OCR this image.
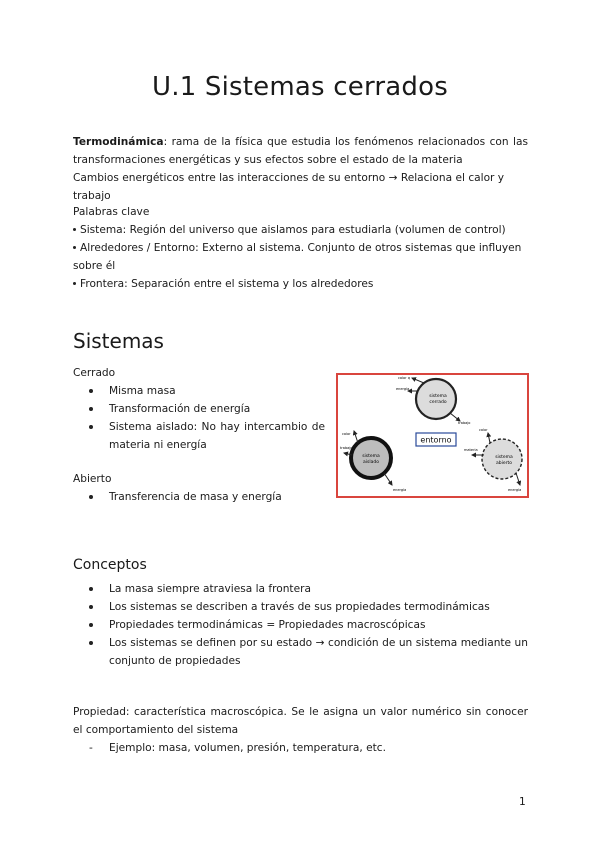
U.1 Sistemas cerrados

Termodinámica: rama de la física que estudia los fenómenos relacionados con las transformaciones energéticas y sus efectos sobre el estado de la materia

Cambios energéticos entre las interacciones de su entorno → Relaciona el calor y trabajo

Palabras clave

Sistema: Región del universo que aislamos para estudiarla (volumen de control)
Alrededores / Entorno: Externo al sistema. Conjunto de otros sistemas que influyen sobre él
Frontera: Separación entre el sistema y los alrededores
Sistemas

Cerrado

Misma masa
Transformación de energía
Sistema aislado: No hay intercambio de materia ni energía

Abierto

Transferencia de masa y energía
sistema
cerrado
calor q
trabajo
energía
sistema
aislado
calor
trabajo
energía
sistema
abierto
materia
calor
energía
entorno
Conceptos
La masa siempre atraviesa la frontera
Los sistemas se describen a través de sus propiedades termodinámicas
Propiedades termodinámicas = Propiedades macroscópicas
Los sistemas se definen por su estado → condición de un sistema mediante un conjunto de propiedades

Propiedad: característica macroscópica. Se le asigna un valor numérico sin conocer el comportamiento del sistema

- Ejemplo: masa, volumen, presión, temperatura, etc.
1
